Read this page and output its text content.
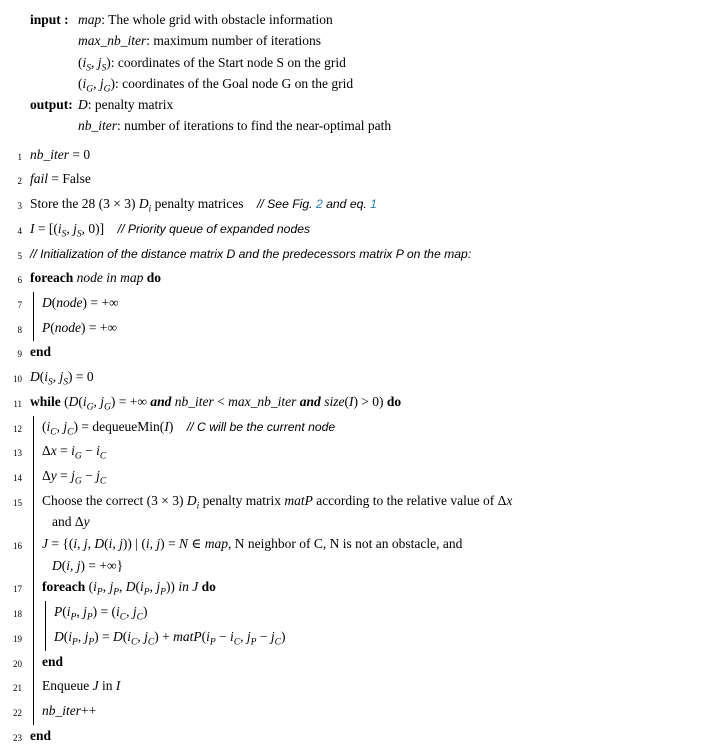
input : map: The whole grid with obstacle information
max_nb_iter: maximum number of iterations
($i_S$, $j_S$): coordinates of the Start node S on the grid
($i_G$, $j_G$): coordinates of the Goal node G on the grid
output: D: penalty matrix
nb_iter: number of iterations to find the near-optimal path
1 nb_iter = 0
2 fail = False
3 Store the 28 (3 × 3) $D_i$ penalty matrices    // See Fig. 2 and eq. 1
4 $I = [(i_S$, $j_S$, 0)]    // Priority queue of expanded nodes
5 // Initialization of the distance matrix D and the predecessors matrix P on the map:
6 foreach node in map do
7	D(node) = +∞
8	P(node) = +∞
9 end
10 $D(i_S$, $j_S) = 0$
11 while ($D(i_G$, $j_G$) = +∞ and nb_iter < max_nb_iter and size(I) > 0) do
12	($i_C$, $j_C$) = dequeueMin(I)    // C will be the current node
13	$\Delta x = i_G - i_C$
14	$\Delta y = j_G - j_C$
15	Choose the correct (3 × 3) $D_i$ penalty matrix matP according to the relative value of Δx
and Δy
16	J = {(i, j, D(i, j)) | (i, j) = N ∈ map, N neighbor of C, N is not an obstacle, and
D(i, j) = +∞}
17	foreach ($i_P$, $j_P$, $D(i_P$, $j_P$)) in J do
18	$P(i_P$, $j_P) = (i_C$, $j_C$)
19	$D(i_P$, $j_P) = D(i_C$, $j_C$) + $matP(i_P - i_C$, $j_P - j_C$)
20	end
21	Enqueue J in I
22	nb_iter++
23 end
